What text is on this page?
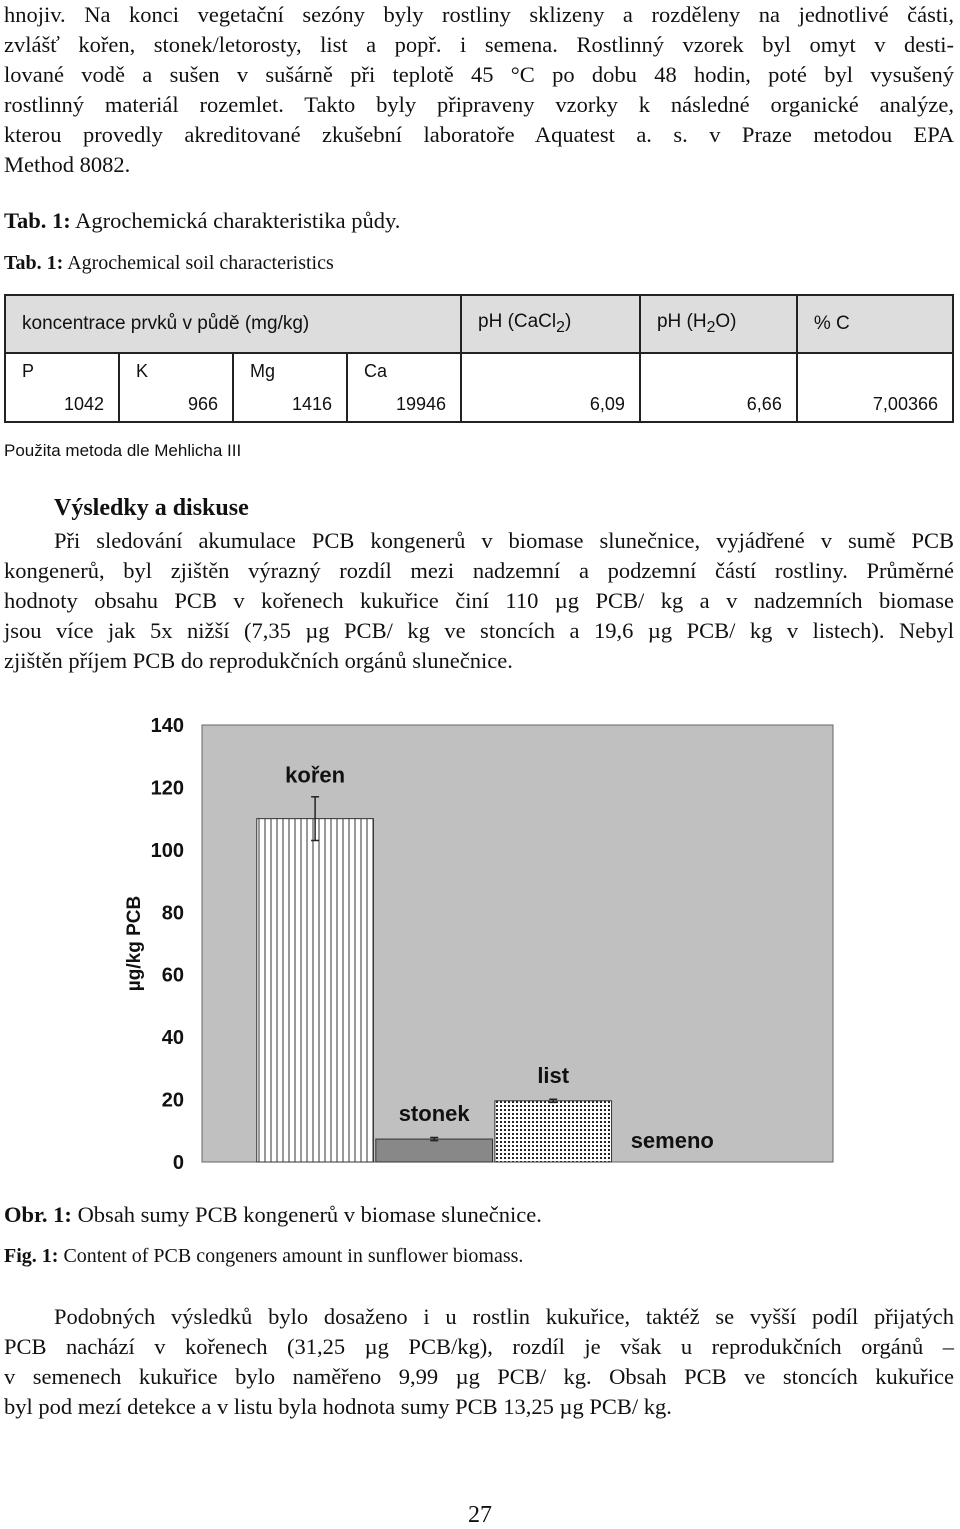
hnojiv. Na konci vegetační sezóny byly rostliny sklizeny a rozděleny na jednotlivé části,
zvlášť kořen, stonek/letorosty, list a popř. i semena. Rostlinný vzorek byl omyt v desti-
lované vodě a sušen v sušárně při teplotě 45 °C po dobu 48 hodin, poté byl vysušený
rostlinný materiál rozemlet. Takto byly připraveny vzorky k následné organické analýze,
kterou provedly akreditované zkušební laboratoře Aquatest a. s. v Praze metodou EPA
Method 8082.
Tab. 1: Agrochemická charakteristika půdy.
Tab. 1: Agrochemical soil characteristics
koncentrace prvků v půdě (mg/kg)				pH (CaCl$_2$)	pH $(H_2O)$	% C
P	K	Mg	Ca			
1042	966	1416	19946	6,09	6,66	7,00366
Použita metoda dle Mehlicha III
Výsledky a diskuse
Při sledování akumulace PCB kongenerů v biomase slunečnice, vyjádřené v sumě PCB
kongenerů, byl zjištěn výrazný rozdíl mezi nadzemní a podzemní částí rostliny. Průměrné
hodnoty obsahu PCB v kořenech kukuřice činí 110 µg PCB/ kg a v nadzemních biomase
jsou více jak 5x nižší (7,35 µg PCB/ kg ve stoncích a 19,6 µg PCB/ kg v listech). Nebyl
zjištěn příjem PCB do reprodukčních orgánů slunečnice.
0
20
40
60
80
100
120
140
kořen
stonek
list
semeno
µg/kg PCB
Obr. 1: Obsah sumy PCB kongenerů v biomase slunečnice.
Fig. 1: Content of PCB congeners amount in sunflower biomass.
Podobných výsledků bylo dosaženo i u rostlin kukuřice, taktéž se vyšší podíl přijatých
PCB nachází v kořenech (31,25 µg PCB/kg), rozdíl je však u reprodukčních orgánů –
v semenech kukuřice bylo naměřeno 9,99 µg PCB/ kg. Obsah PCB ve stoncích kukuřice
byl pod mezí detekce a v listu byla hodnota sumy PCB 13,25 µg PCB/ kg.
27
